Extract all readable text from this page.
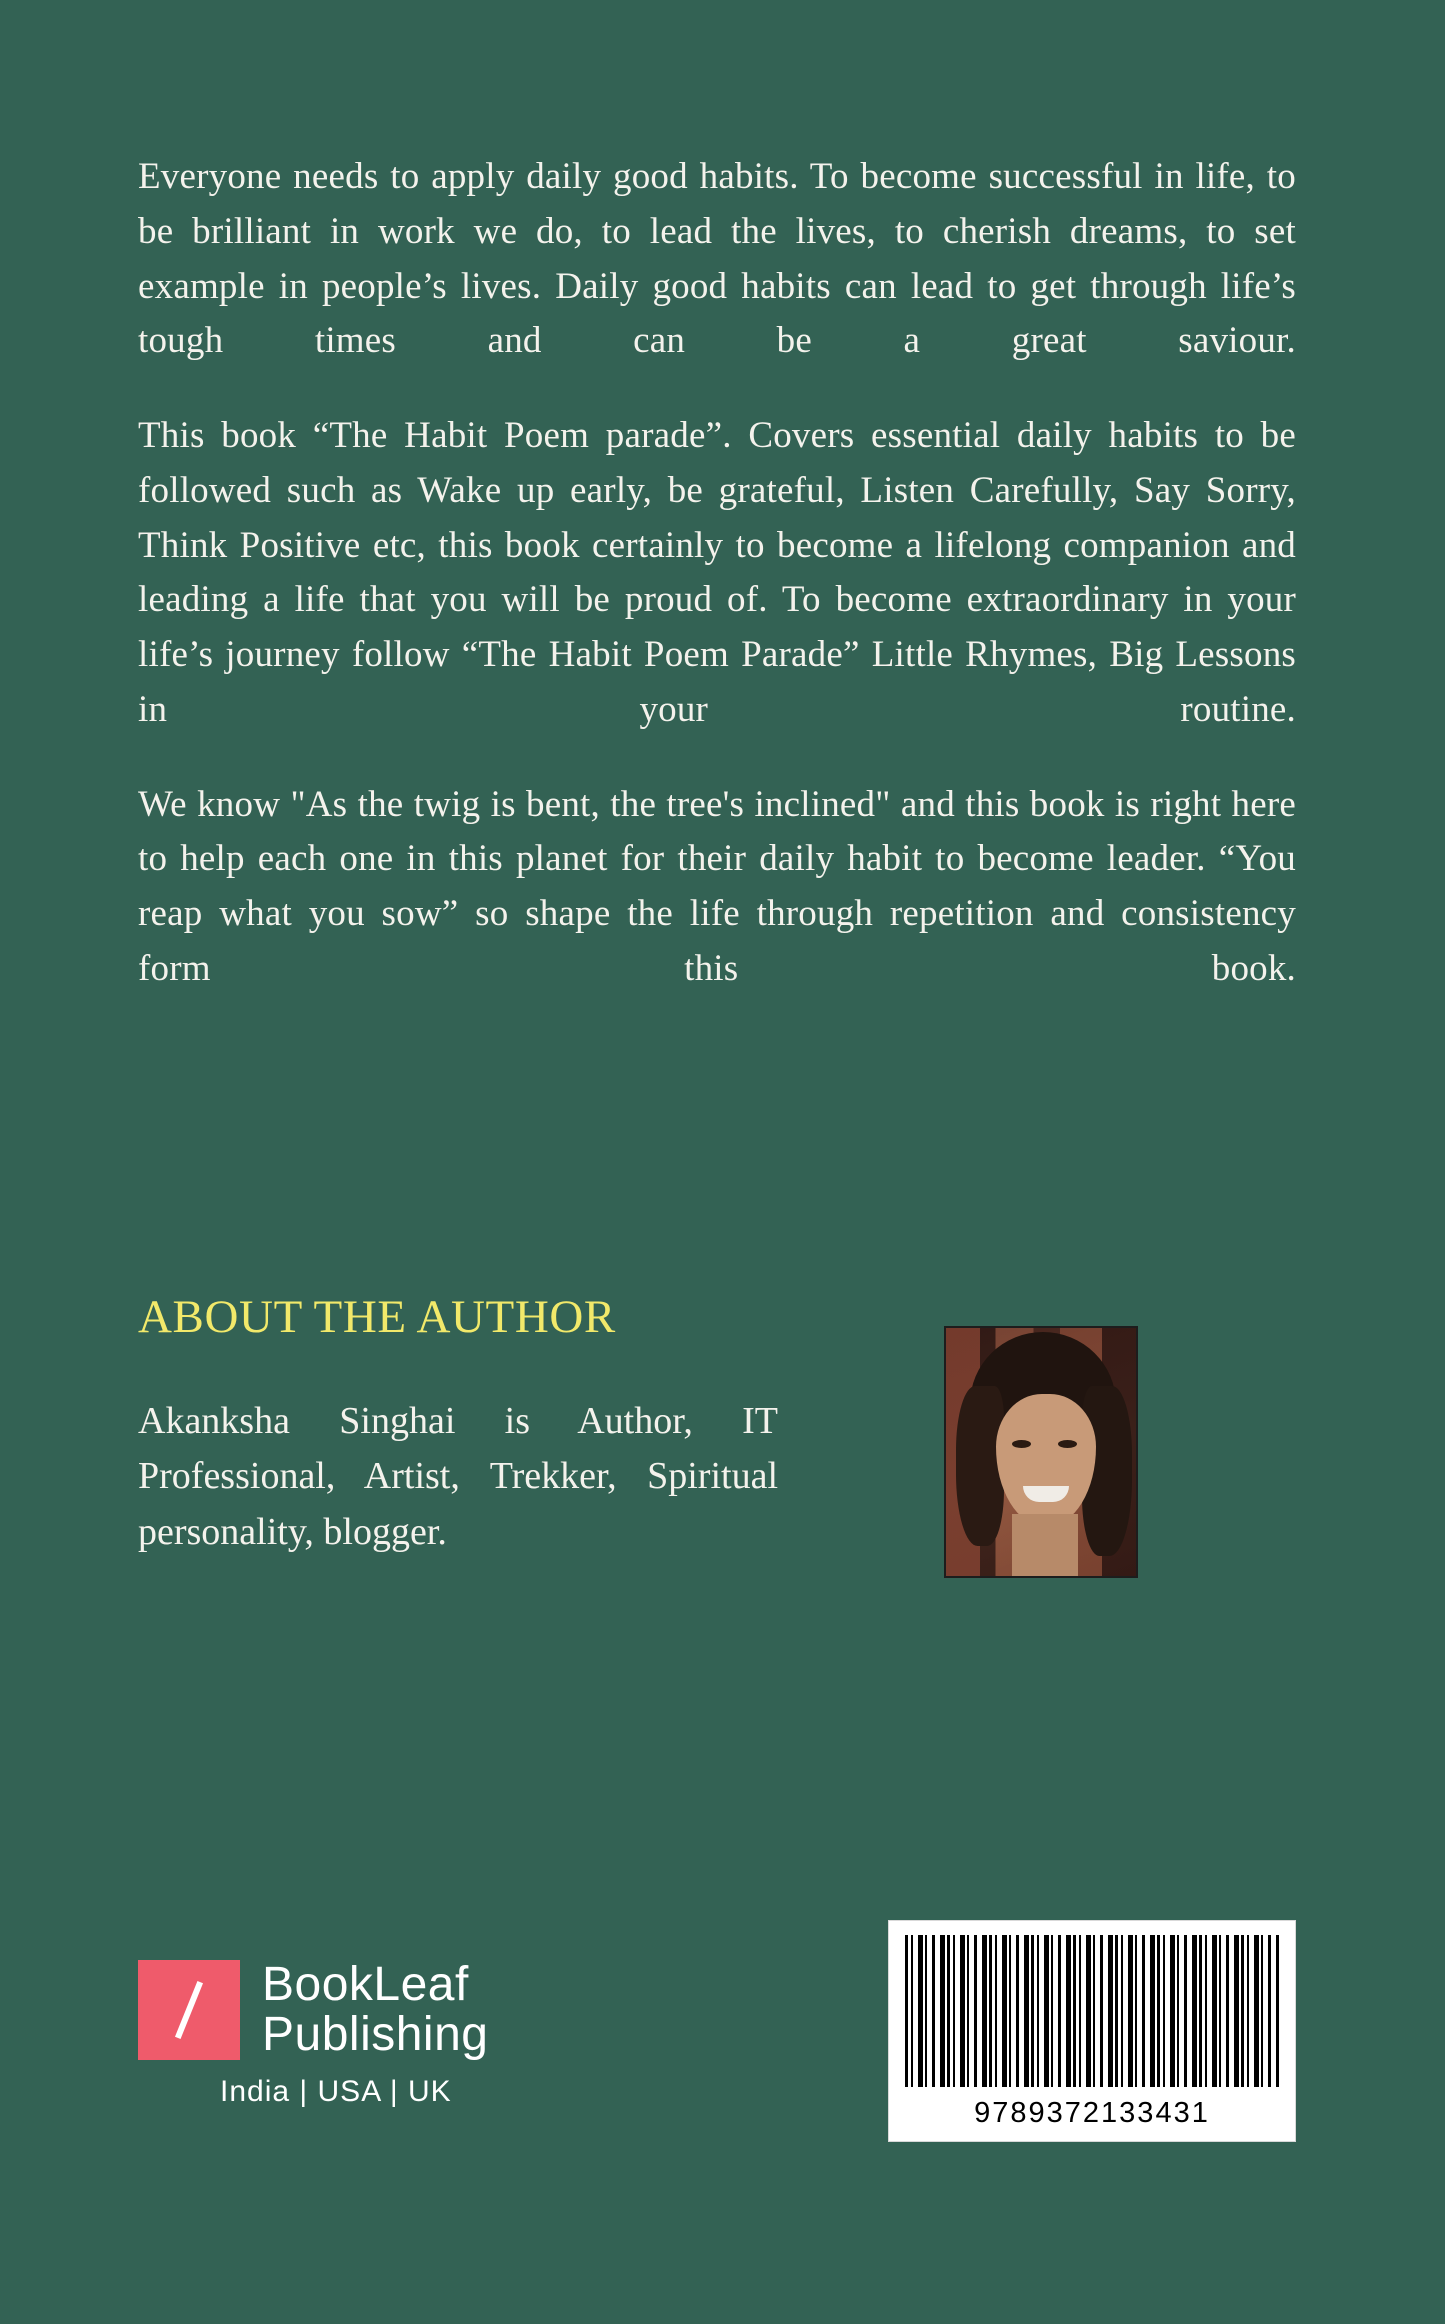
Everyone needs to apply daily good habits. To become successful in life, to be brilliant in work we do, to lead the lives, to cherish dreams, to set example in people’s lives. Daily good habits can lead to get through life’s tough times and can be a great saviour.

This book “The Habit Poem parade”. Covers essential daily habits to be followed such as Wake up early, be grateful, Listen Carefully, Say Sorry, Think Positive etc, this book certainly to become a lifelong companion and leading a life that you will be proud of. To become extraordinary in your life’s journey follow “The Habit Poem Parade” Little Rhymes, Big Lessons in your routine.

We know "As the twig is bent, the tree's inclined" and this book is right here to help each one in this planet for their daily habit to become leader. “You reap what you sow” so shape the life through repetition and consistency form this book.

ABOUT THE AUTHOR
Akanksha Singhai is Author, IT Professional, Artist, Trekker, Spiritual personality, blogger.
BookLeaf
Publishing
India | USA | UK
9789372133431
